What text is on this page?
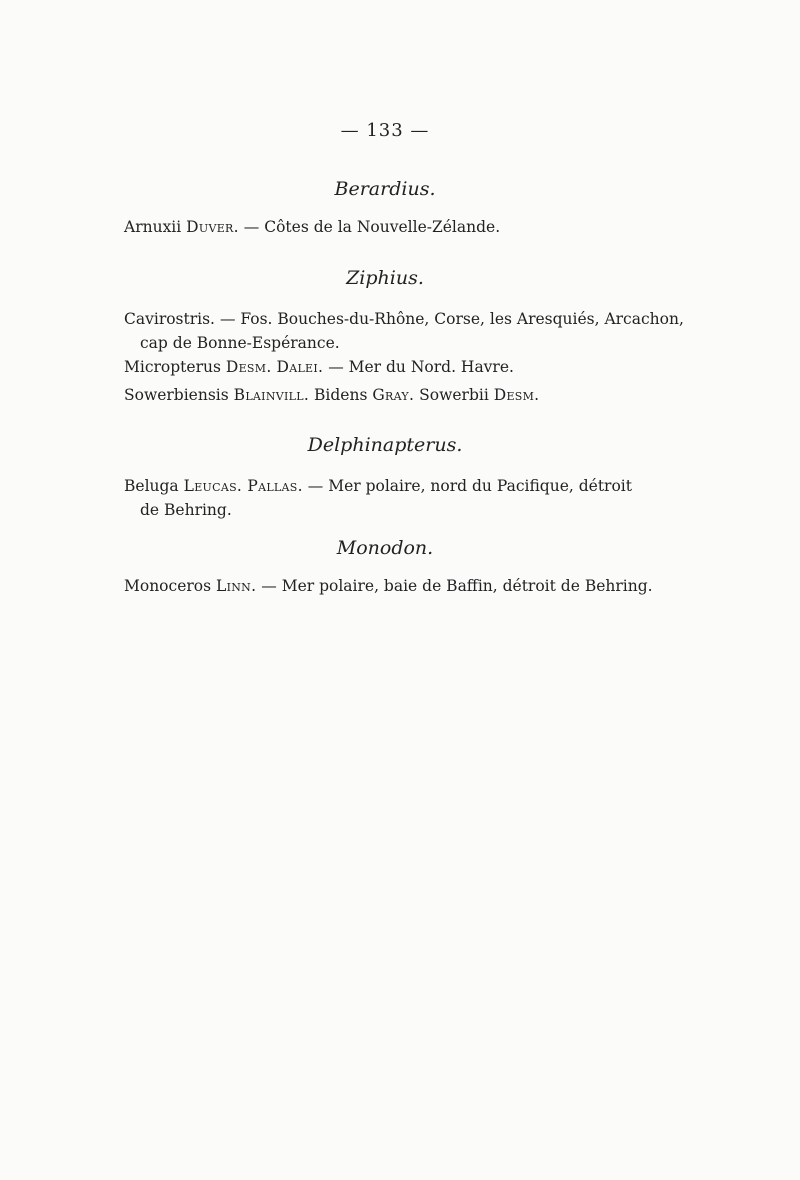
— 133 —
Berardius.
Arnuxii Duver. — Côtes de la Nouvelle-Zélande.
Ziphius.
Cavirostris. — Fos. Bouches-du-Rhône, Corse, les Aresquiés, Arcachon,
cap de Bonne-Espérance.
Micropterus Desm. Dalei. — Mer du Nord. Havre.
Sowerbiensis Blainvill. Bidens Gray. Sowerbii Desm.
Delphinapterus.
Beluga Leucas. Pallas. — Mer polaire, nord du Pacifique, détroit
de Behring.
Monodon.
Monoceros Linn. — Mer polaire, baie de Baffin, détroit de Behring.
